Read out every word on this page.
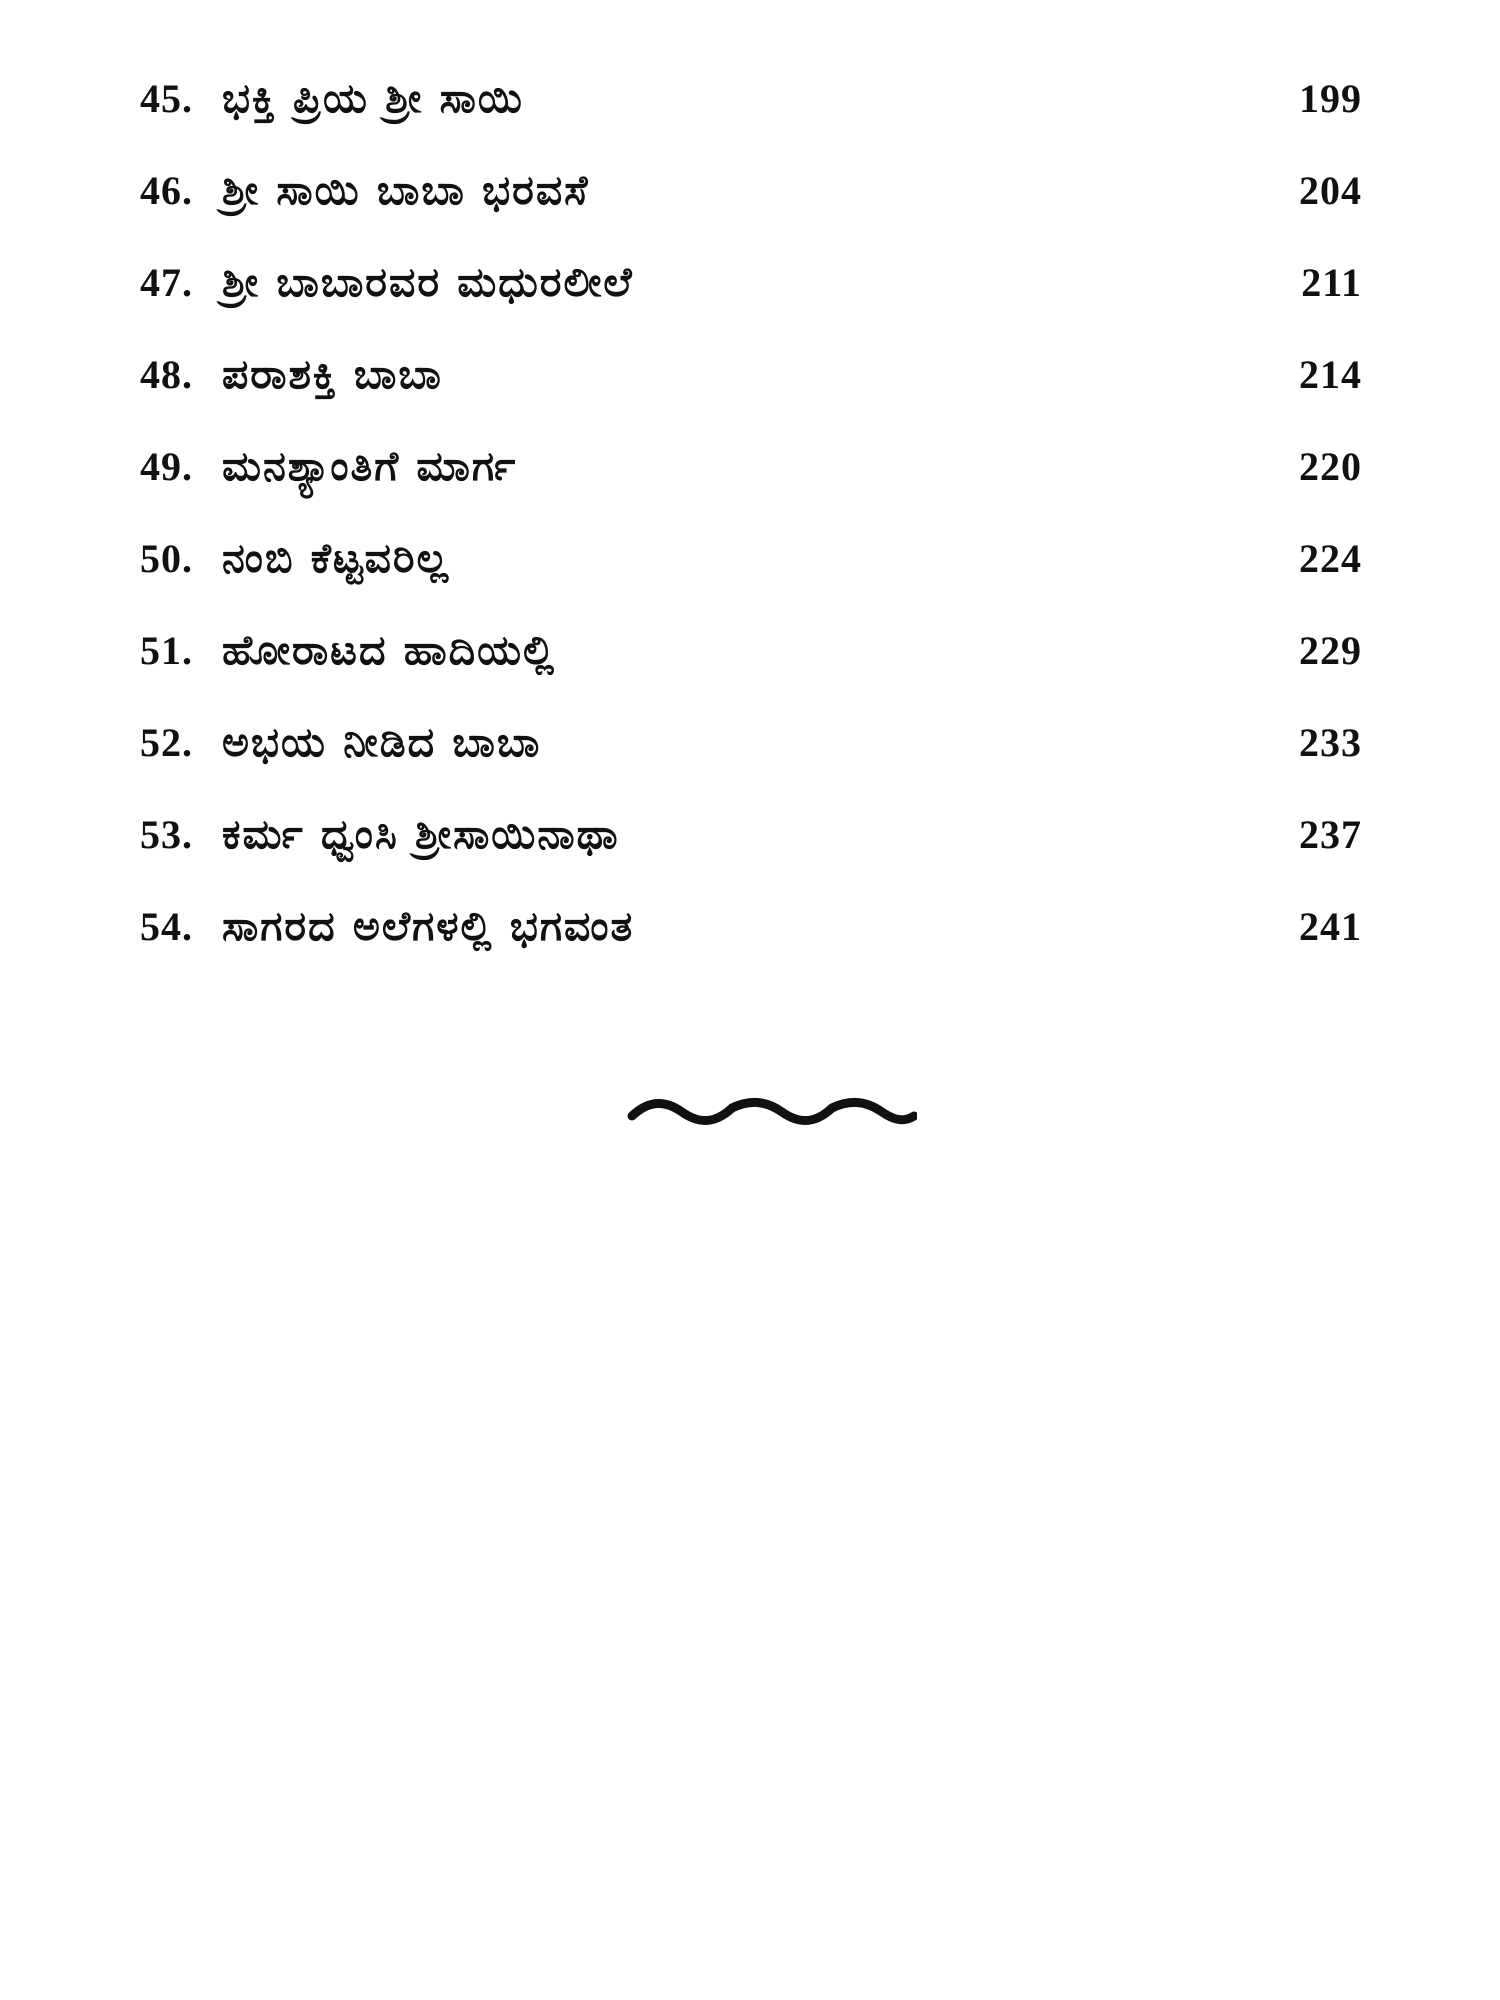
45. ಭಕ್ತಿ ಪ್ರಿಯ ಶ್ರೀ ಸಾಯಿ	199
46. ಶ್ರೀ ಸಾಯಿ ಬಾಬಾ ಭರವಸೆ	204
47. ಶ್ರೀ ಬಾಬಾರವರ ಮಧುರಲೀಲೆ	211
48. ಪರಾಶಕ್ತಿ ಬಾಬಾ	214
49. ಮನಶ್ಯಾಂತಿಗೆ ಮಾರ್ಗ	220
50. ನಂಬಿ ಕೆಟ್ಟವರಿಲ್ಲ	224
51. ಹೋರಾಟದ ಹಾದಿಯಲ್ಲಿ	229
52. ಅಭಯ ನೀಡಿದ ಬಾಬಾ	233
53. ಕರ್ಮ ಧ್ವಂಸಿ ಶ್ರೀಸಾಯಿನಾಥಾ	237
54. ಸಾಗರದ ಅಲೆಗಳಲ್ಲಿ ಭಗವಂತ	241
